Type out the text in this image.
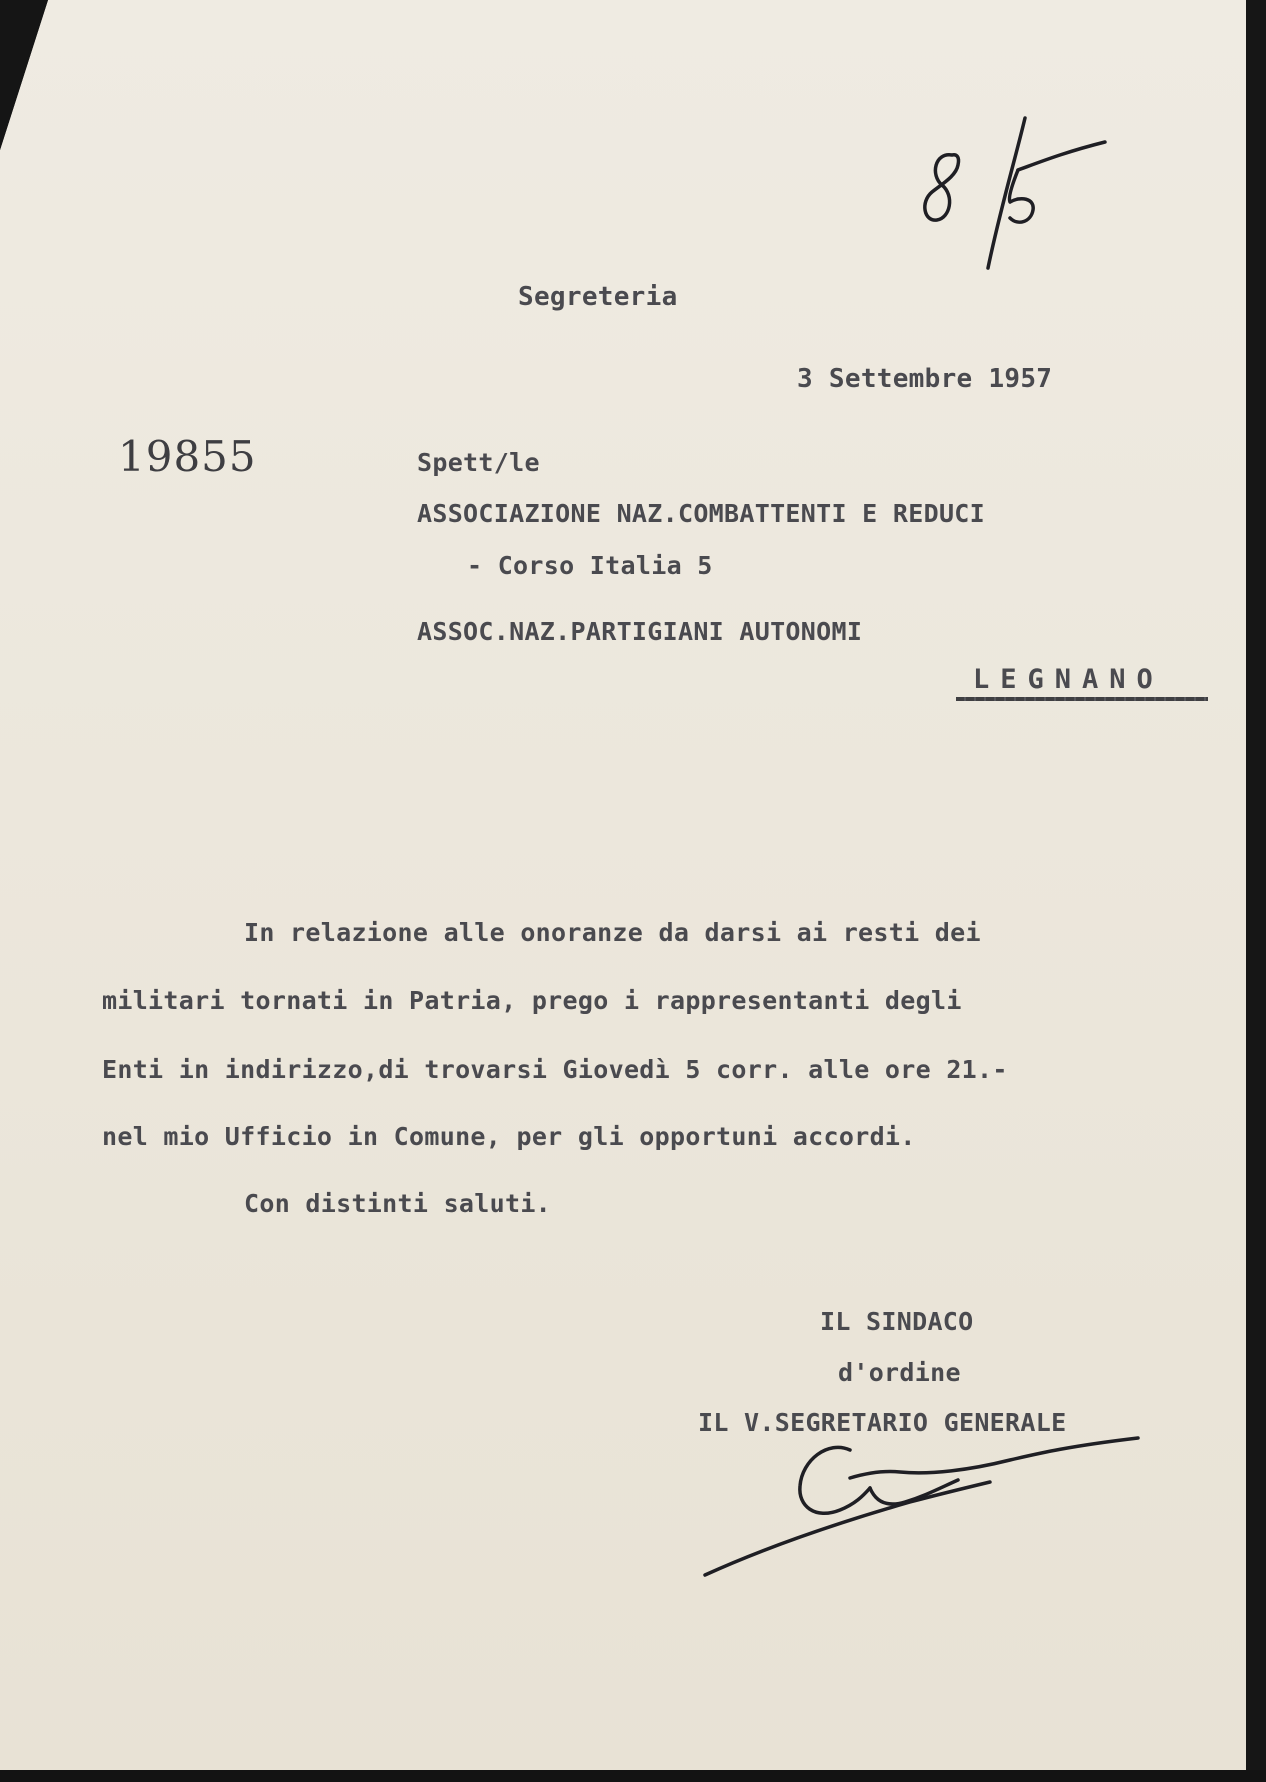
Segreteria
3 Settembre 1957
19855	Spett/le
ASSOCIAZIONE NAZ.COMBATTENTI E REDUCI
- Corso Italia 5
ASSOC.NAZ.PARTIGIANI AUTONOMI
LEGNANO
In relazione alle onoranze da darsi ai resti dei
militari tornati in Patria, prego i rappresentanti degli
Enti in indirizzo,di trovarsi Giovedì 5 corr. alle ore 21.-
nel mio Ufficio in Comune, per gli opportuni accordi.
Con distinti saluti.
IL SINDACO
d'ordine
IL V.SEGRETARIO GENERALE
